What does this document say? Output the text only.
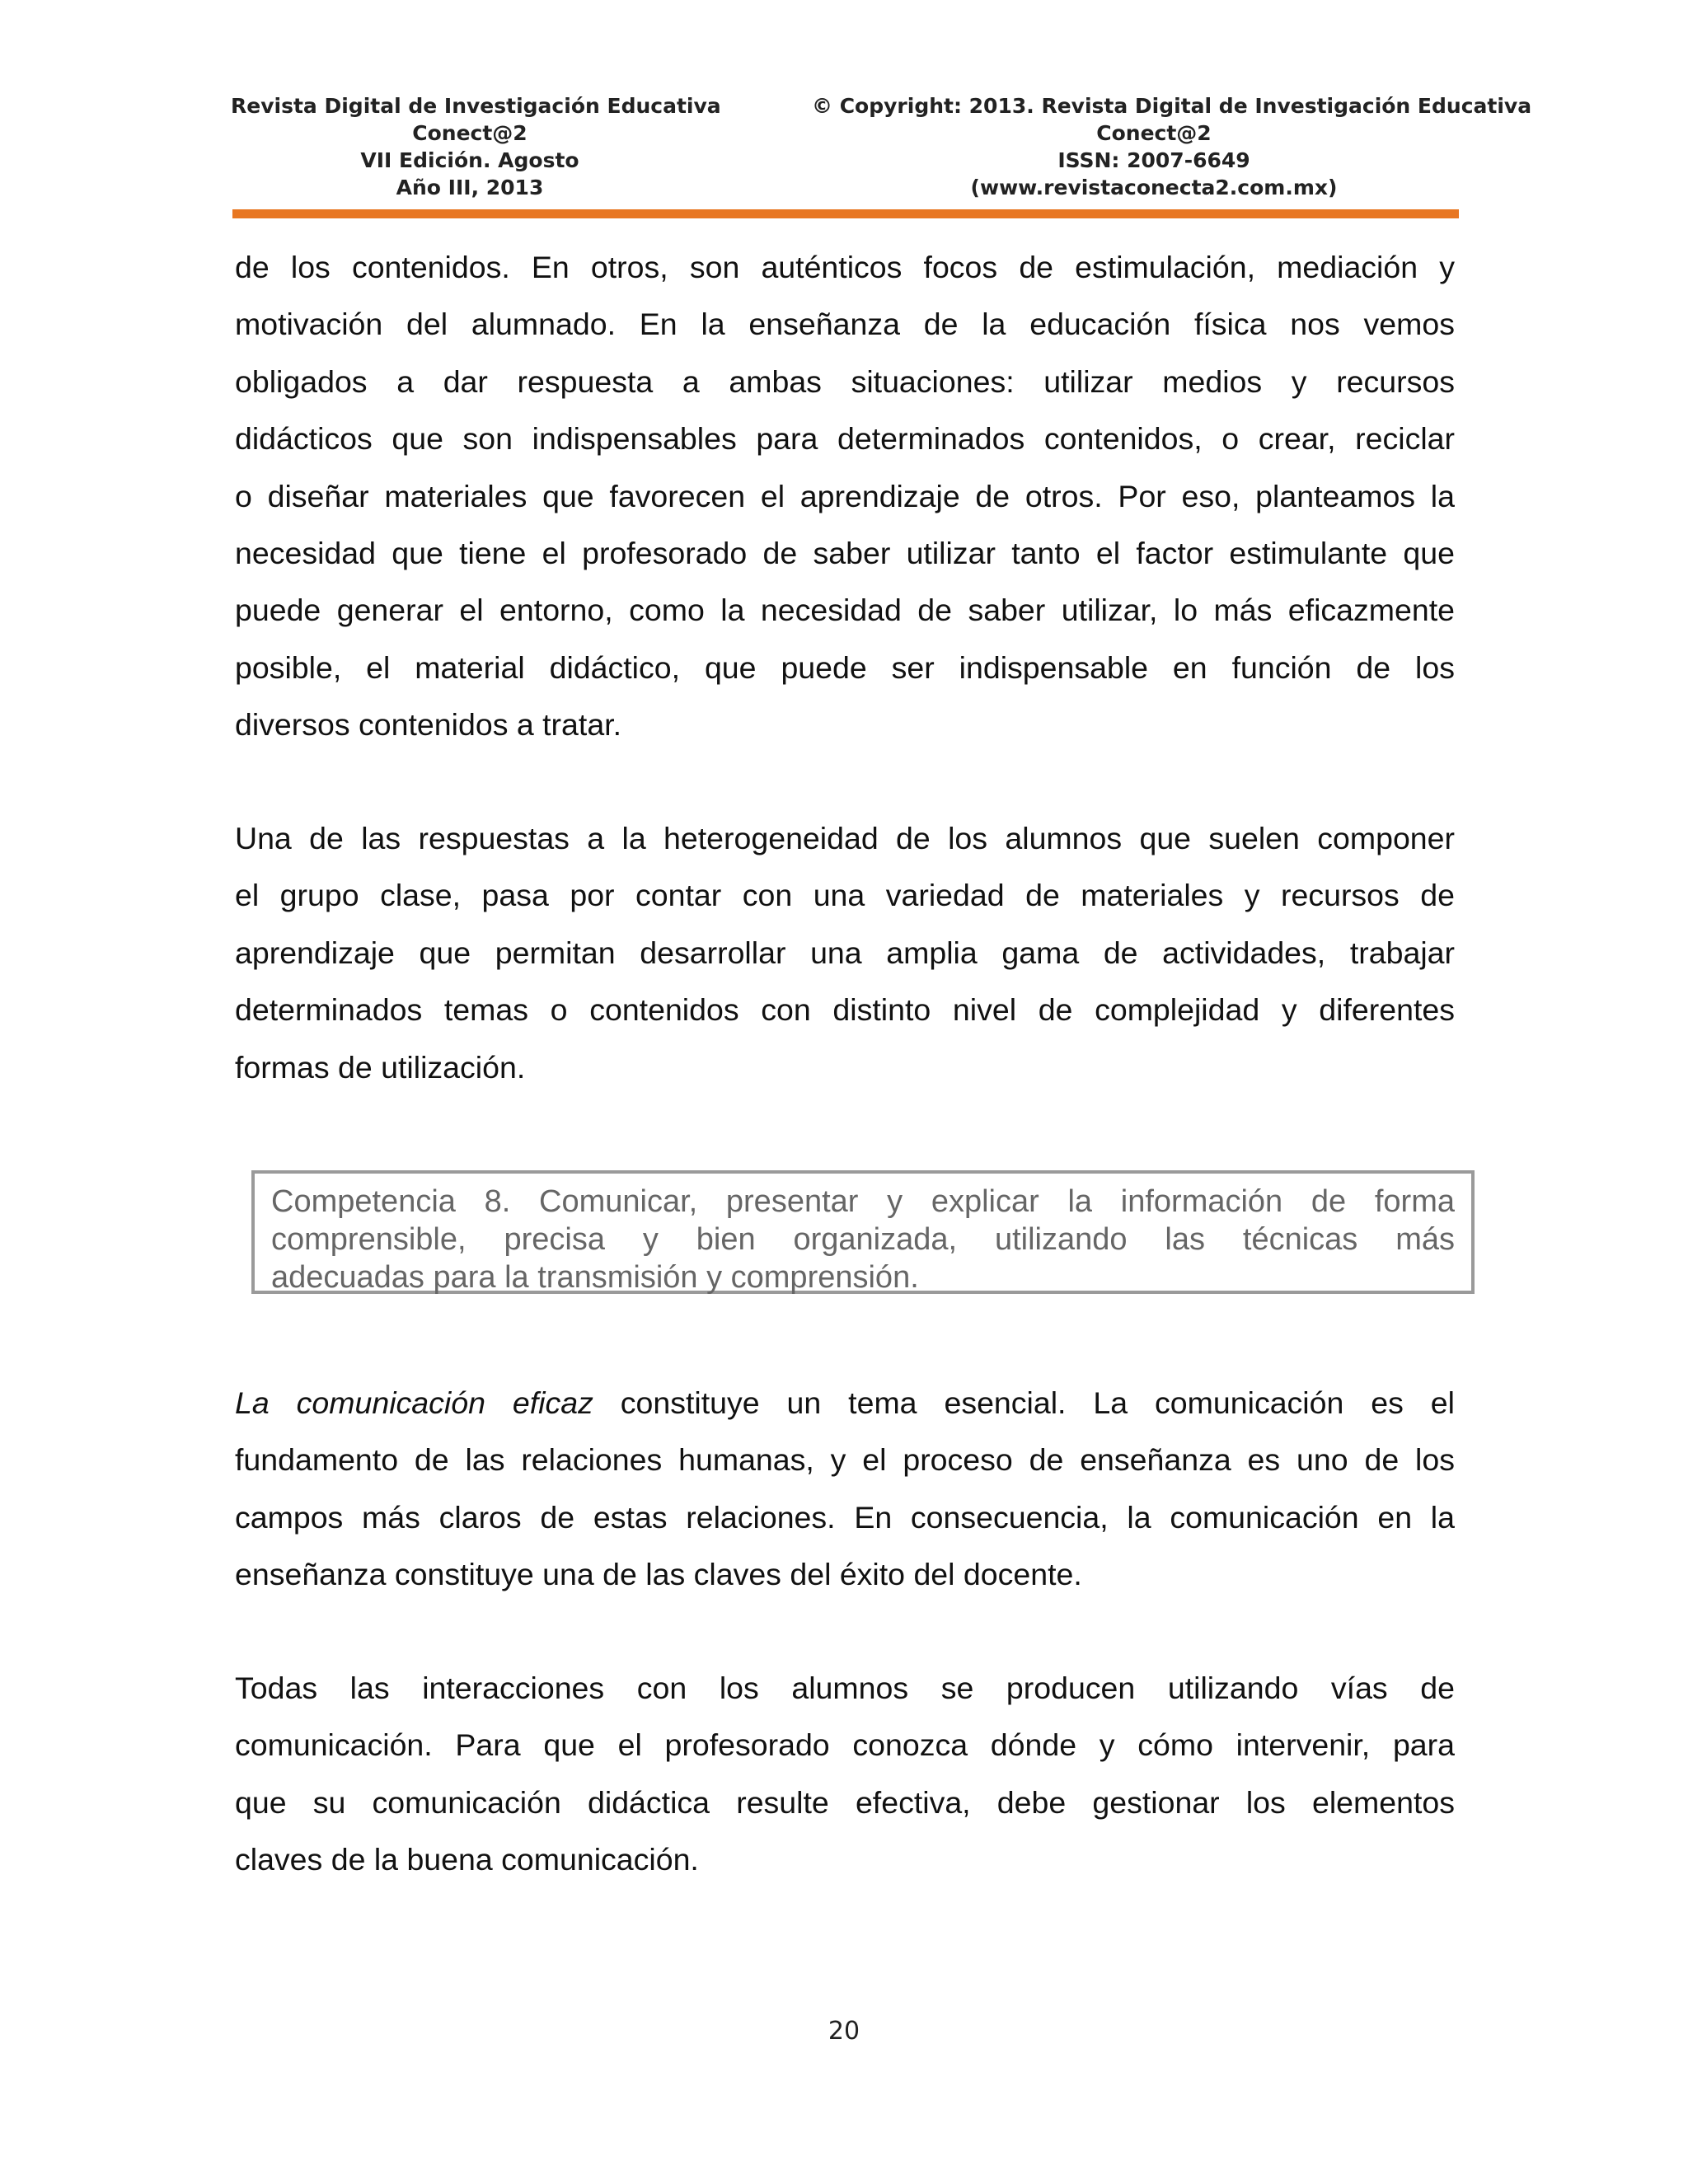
Revista Digital de Investigación Educativa
Conect@2
VII Edición. Agosto
Año III, 2013
© Copyright: 2013. Revista Digital de Investigación Educativa
Conect@2
ISSN: 2007-6649
(www.revistaconecta2.com.mx)
de los contenidos. En otros, son auténticos focos de estimulación, mediación y
motivación del alumnado. En la enseñanza de la educación física nos vemos
obligados a dar respuesta a ambas situaciones: utilizar medios y recursos
didácticos que son indispensables para determinados contenidos, o crear, reciclar
o diseñar materiales que favorecen el aprendizaje de otros. Por eso, planteamos la
necesidad que tiene el profesorado de saber utilizar tanto el factor estimulante que
puede generar el entorno, como la necesidad de saber utilizar, lo más eficazmente
posible, el material didáctico, que puede ser indispensable en función de los
diversos contenidos a tratar.
Una de las respuestas a la heterogeneidad de los alumnos que suelen componer
el grupo clase, pasa por contar con una variedad de materiales y recursos de
aprendizaje que permitan desarrollar una amplia gama de actividades, trabajar
determinados temas o contenidos con distinto nivel de complejidad y diferentes
formas de utilización.
Competencia 8. Comunicar, presentar y explicar la información de forma
comprensible, precisa y bien organizada, utilizando las técnicas más
adecuadas para la transmisión y comprensión.
La comunicación eficaz constituye un tema esencial. La comunicación es el
fundamento de las relaciones humanas, y el proceso de enseñanza es uno de los
campos más claros de estas relaciones. En consecuencia, la comunicación en la
enseñanza constituye una de las claves del éxito del docente.
Todas las interacciones con los alumnos se producen utilizando vías de
comunicación. Para que el profesorado conozca dónde y cómo intervenir, para
que su comunicación didáctica resulte efectiva, debe gestionar los elementos
claves de la buena comunicación.
20
